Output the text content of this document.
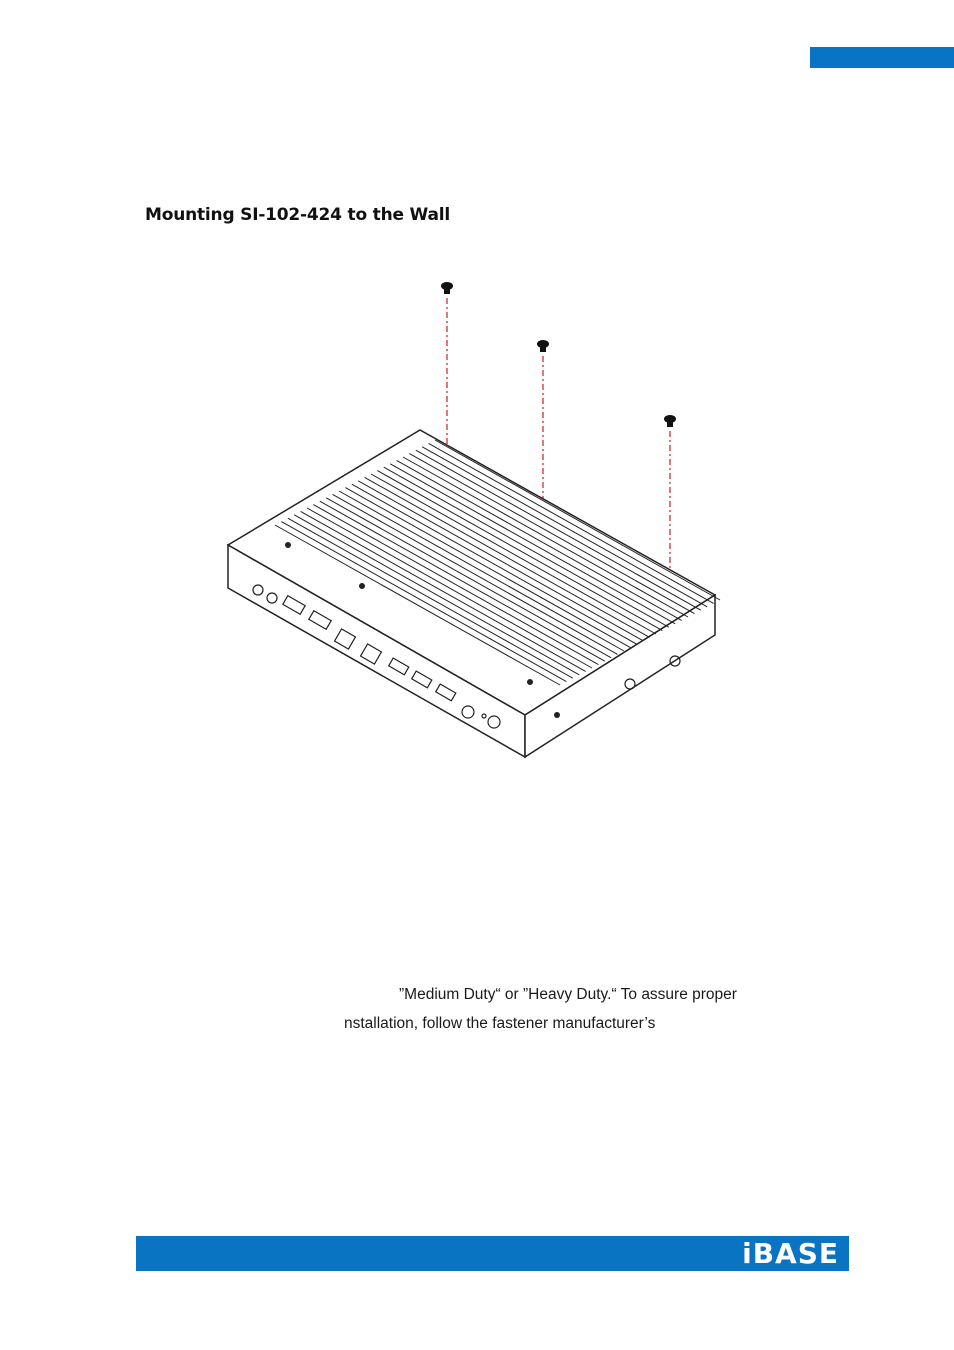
Mounting SI-102-424 to the Wall
”Medium Duty“ or ”Heavy Duty.“ To assure proper
nstallation, follow the fastener manufacturer’s
iBASE
